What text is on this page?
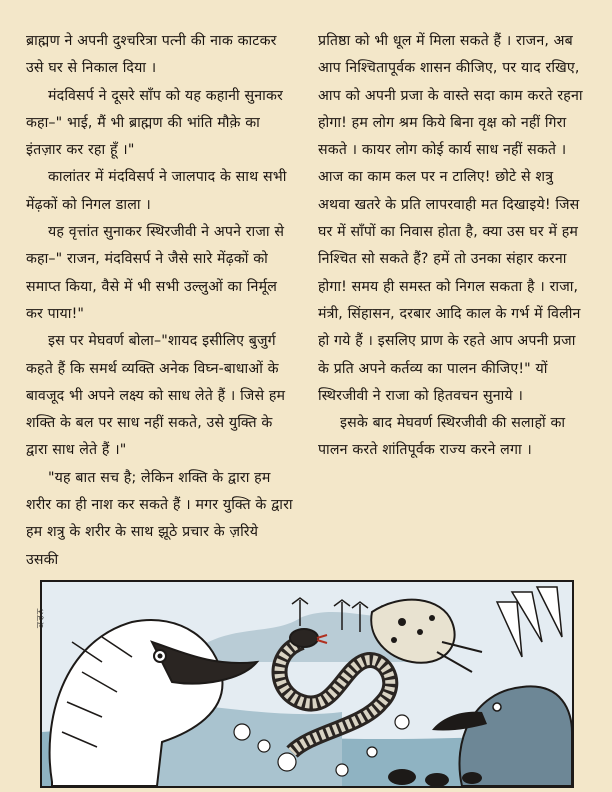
ब्राह्मण ने अपनी दुश्चरित्रा पत्नी की नाक काटकर उसे घर से निकाल दिया ।

मंदविसर्प ने दूसरे साँप को यह कहानी सुनाकर कहा–" भाई, मैं भी ब्राह्मण की भांति मौक़े का इंतज़ार कर रहा हूँ ।"

कालांतर में मंदविसर्प ने जालपाद के साथ सभी मेंढ़कों को निगल डाला ।

यह वृत्तांत सुनाकर स्थिरजीवी ने अपने राजा से कहा–" राजन, मंदविसर्प ने जैसे सारे मेंढ़कों को समाप्त किया, वैसे में भी सभी उल्लुओं का निर्मूल कर पाया!"

इस पर मेघवर्ण बोला–"शायद इसीलिए बुजुर्ग कहते हैं कि समर्थ व्यक्ति अनेक विघ्न-बाधाओं के बावजूद भी अपने लक्ष्य को साध लेते हैं । जिसे हम शक्ति के बल पर साध नहीं सकते, उसे युक्ति के द्वारा साध लेते हैं ।"

"यह बात सच है; लेकिन शक्ति के द्वारा हम शरीर का ही नाश कर सकते हैं । मगर युक्ति के द्वारा हम शत्रु के शरीर के साथ झूठे प्रचार के ज़रिये उसकी

प्रतिष्ठा को भी धूल में मिला सकते हैं । राजन, अब आप निश्चितापूर्वक शासन कीजिए, पर याद रखिए, आप को अपनी प्रजा के वास्ते सदा काम करते रहना होगा! हम लोग श्रम किये बिना वृक्ष को नहीं गिरा सकते । कायर लोग कोई कार्य साध नहीं सकते । आज का काम कल पर न टालिए! छोटे से शत्रु अथवा खतरे के प्रति लापरवाही मत दिखाइये! जिस घर में साँपों का निवास होता है, क्या उस घर में हम निश्चित सो सकते हैं? हमें तो उनका संहार करना होगा! समय ही समस्त को निगल सकता है । राजा, मंत्री, सिंहासन, दरबार आदि काल के गर्भ में विलीन हो गये हैं । इसलिए प्राण के रहते आप अपनी प्रजा के प्रति अपने कर्तव्य का पालन कीजिए!" यों स्थिरजीवी ने राजा को हितवचन सुनाये ।

इसके बाद मेघवर्ण स्थिरजीवी की सलाहों का पालन करते शांतिपूर्वक राज्य करने लगा ।

ਕਰਨ
